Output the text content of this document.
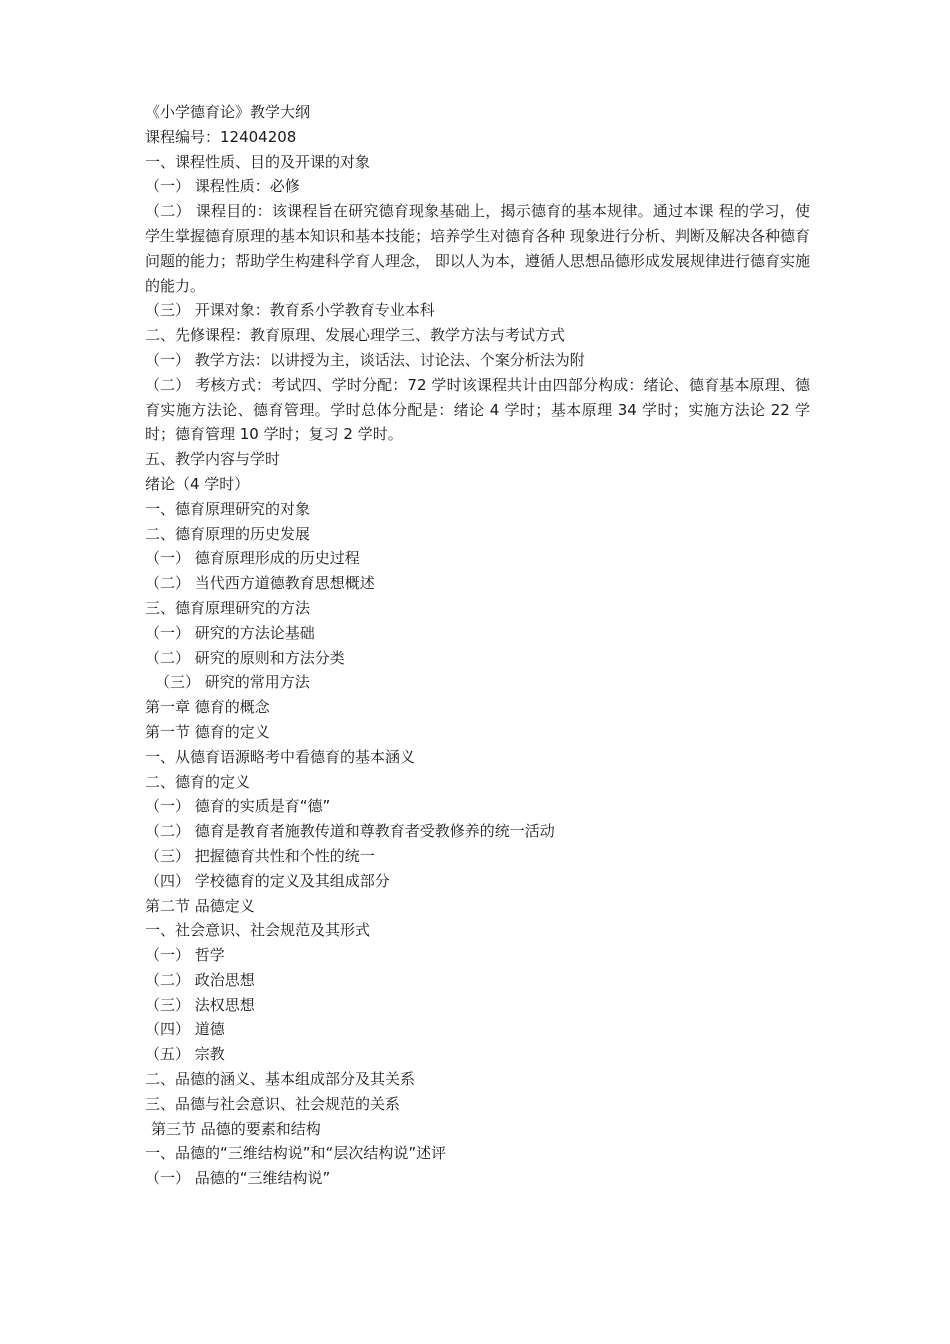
《小学德育论》教学大纲
课程编号：12404208
一、课程性质、目的及开课的对象
（一） 课程性质：必修
（二） 课程目的：该课程旨在研究德育现象基础上，揭示德育的基本规律。通过本课 程的学习，使学生掌握德育原理的基本知识和基本技能；培养学生对德育各种 现象进行分析、判断及解决各种德育问题的能力；帮助学生构建科学育人理念， 即以人为本，遵循人思想品德形成发展规律进行德育实施的能力。
（三） 开课对象：教育系小学教育专业本科
二、先修课程：教育原理、发展心理学三、教学方法与考试方式
（一） 教学方法：以讲授为主，谈话法、讨论法、个案分析法为附
（二） 考核方式：考试四、学时分配：72 学时该课程共计由四部分构成：绪论、德育基本原理、德育实施方法论、德育管理。学时总体分配是：绪论 4 学时；基本原理 34 学时；实施方法论 22 学时；德育管理 10 学时；复习 2 学时。
五、教学内容与学时
绪论（4 学时）
一、德育原理研究的对象
二、德育原理的历史发展
（一） 德育原理形成的历史过程
（二） 当代西方道德教育思想概述
三、德育原理研究的方法
（一） 研究的方法论基础
（二） 研究的原则和方法分类
（三） 研究的常用方法
第一章 德育的概念
第一节 德育的定义
一、从德育语源略考中看德育的基本涵义
二、德育的定义
（一） 德育的实质是育“德”
（二） 德育是教育者施教传道和尊教育者受教修养的统一活动
（三） 把握德育共性和个性的统一
（四） 学校德育的定义及其组成部分
第二节 品德定义
一、社会意识、社会规范及其形式
（一） 哲学
（二） 政治思想
（三） 法权思想
（四） 道德
（五） 宗教
二、品德的涵义、基本组成部分及其关系
三、品德与社会意识、社会规范的关系
第三节 品德的要素和结构
一、品德的“三维结构说”和“层次结构说”述评
（一） 品德的“三维结构说”
